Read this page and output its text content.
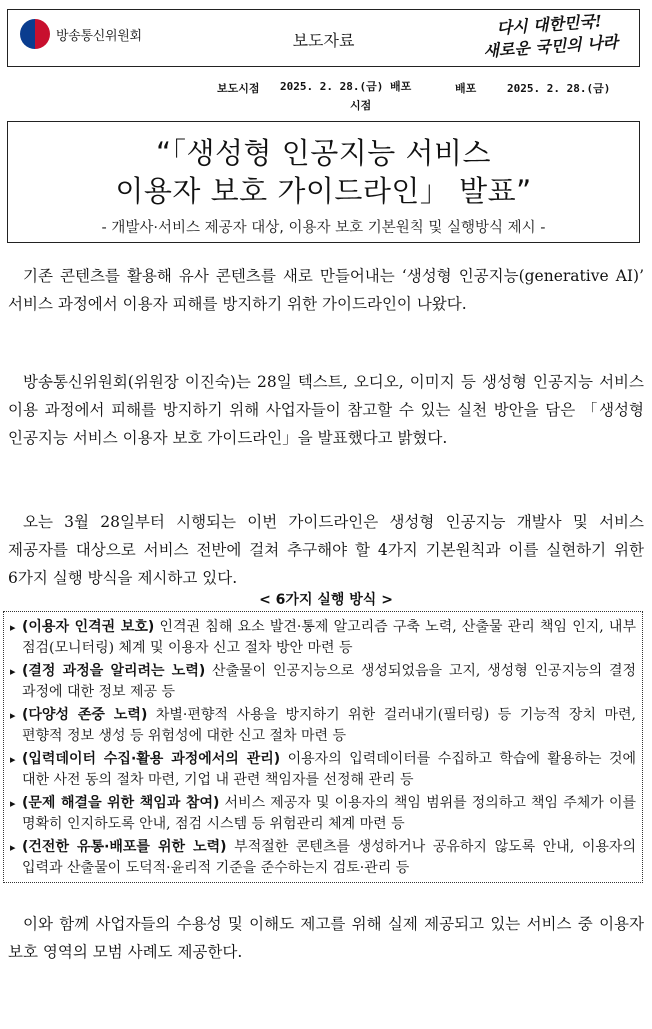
방송통신위원회	보도자료
다시 대한민국!
새로운 국민의 나라
보도시점 2025. 2. 28.(금) 배포
시점
배포	2025. 2. 28.(금)
“「생성형 인공지능 서비스
이용자 보호 가이드라인」 발표”
- 개발사·서비스 제공자 대상, 이용자 보호 기본원칙 및 실행방식 제시 -
기존 콘텐츠를 활용해 유사 콘텐츠를 새로 만들어내는 ‘생성형 인공지능(generative AI)’ 서비스 과정에서 이용자 피해를 방지하기 위한 가이드라인이 나왔다.
방송통신위원회(위원장 이진숙)는 28일 텍스트, 오디오, 이미지 등 생성형 인공지능 서비스 이용 과정에서 피해를 방지하기 위해 사업자들이 참고할 수 있는 실천 방안을 담은 「생성형 인공지능 서비스 이용자 보호 가이드라인」을 발표했다고 밝혔다.
오는 3월 28일부터 시행되는 이번 가이드라인은 생성형 인공지능 개발사 및 서비스 제공자를 대상으로 서비스 전반에 걸쳐 추구해야 할 4가지 기본원칙과 이를 실현하기 위한 6가지 실행 방식을 제시하고 있다.
< 6가지 실행 방식 >
▸ (이용자 인격권 보호) 인격권 침해 요소 발견·통제 알고리즘 구축 노력, 산출물 관리 책임 인지, 내부 점검(모니터링) 체계 및 이용자 신고 절차 방안 마련 등
▸ (결정 과정을 알리려는 노력) 산출물이 인공지능으로 생성되었음을 고지, 생성형 인공지능의 결정 과정에 대한 정보 제공 등
▸ (다양성 존중 노력) 차별·편향적 사용을 방지하기 위한 걸러내기(필터링) 등 기능적 장치 마련, 편향적 정보 생성 등 위험성에 대한 신고 절차 마련 등
▸ (입력데이터 수집·활용 과정에서의 관리) 이용자의 입력데이터를 수집하고 학습에 활용하는 것에 대한 사전 동의 절차 마련, 기업 내 관련 책임자를 선정해 관리 등
▸ (문제 해결을 위한 책임과 참여) 서비스 제공자 및 이용자의 책임 범위를 정의하고 책임 주체가 이를 명확히 인지하도록 안내, 점검 시스템 등 위험관리 체계 마련 등
▸ (건전한 유통·배포를 위한 노력) 부적절한 콘텐츠를 생성하거나 공유하지 않도록 안내, 이용자의 입력과 산출물이 도덕적·윤리적 기준을 준수하는지 검토·관리 등
이와 함께 사업자들의 수용성 및 이해도 제고를 위해 실제 제공되고 있는 서비스 중 이용자 보호 영역의 모범 사례도 제공한다.
